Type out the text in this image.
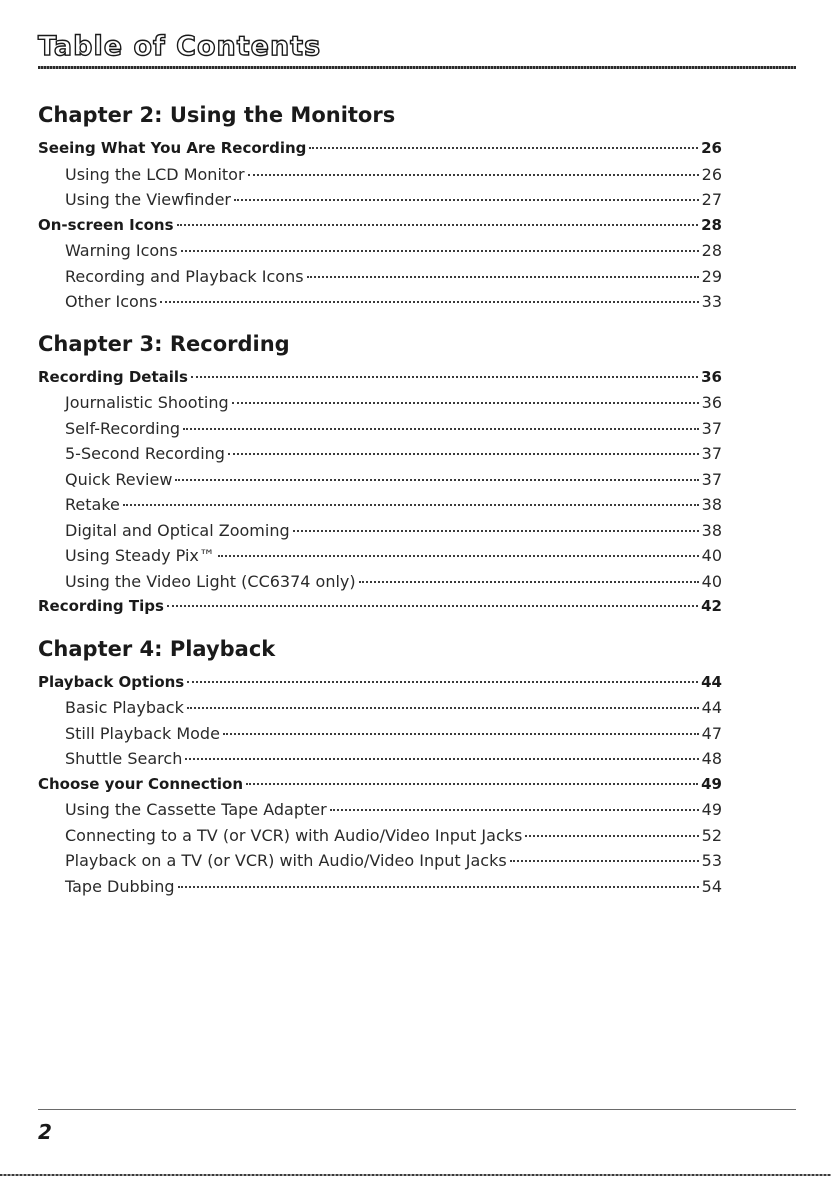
Table of Contents
Chapter 2: Using the Monitors
Seeing What You Are Recording	26
Using the LCD Monitor	26
Using the Viewfinder	27
On-screen Icons	28
Warning Icons	28
Recording and Playback Icons	29
Other Icons	33
Chapter 3: Recording
Recording Details	36
Journalistic Shooting	36
Self-Recording	37
5-Second Recording	37
Quick Review	37
Retake	38
Digital and Optical Zooming	38
Using Steady Pix™	40
Using the Video Light (CC6374 only)	40
Recording Tips	42
Chapter 4: Playback
Playback Options	44
Basic Playback	44
Still Playback Mode	47
Shuttle Search	48
Choose your Connection	49
Using the Cassette Tape Adapter	49
Connecting to a TV (or VCR) with Audio/Video Input Jacks	52
Playback on a TV (or VCR) with Audio/Video Input Jacks	53
Tape Dubbing	54
2
